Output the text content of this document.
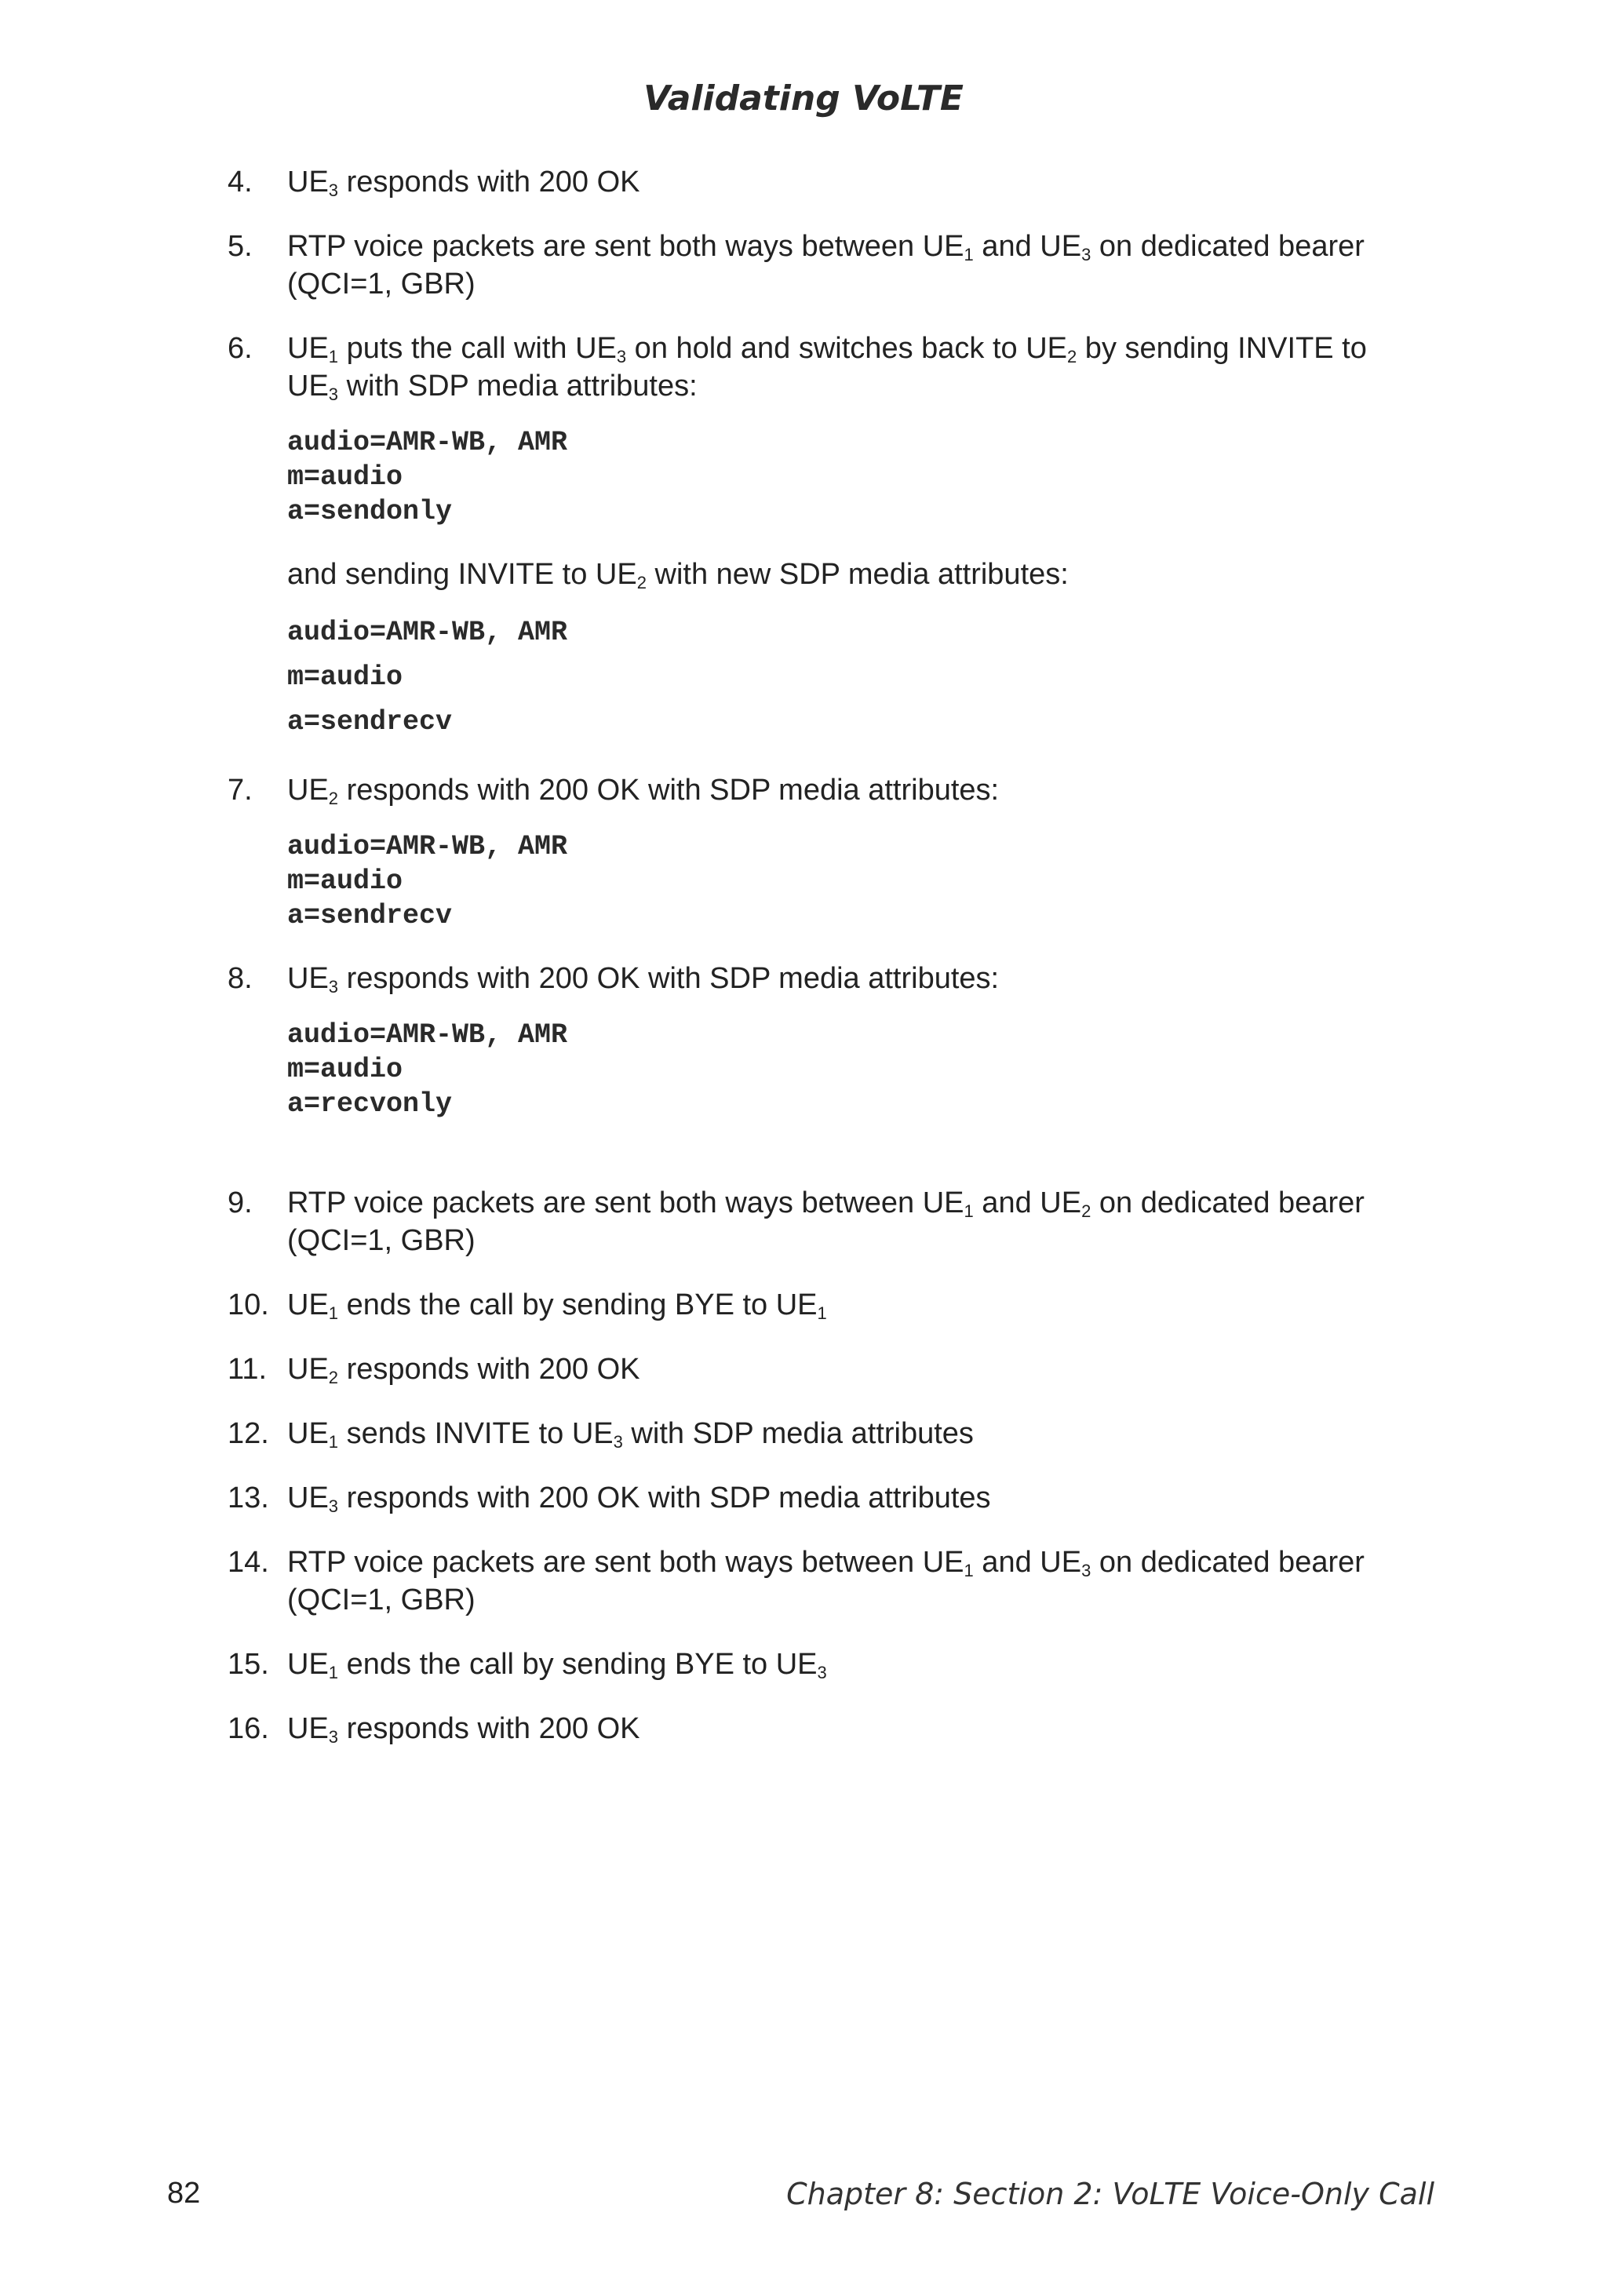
Validating VoLTE
4. $UE_3$ responds with 200 OK
5. RTP voice packets are sent both ways between $UE_1$ and $UE_3$ on dedicated bearer (QCI=1, GBR)
6. $UE_1$ puts the call with $UE_3$ on hold and switches back to $UE_2$ by sending INVITE to $UE_3$ with SDP media attributes:
audio=AMR-WB, AMR
m=audio
a=sendonly
and sending INVITE to $UE_2$ with new SDP media attributes:
audio=AMR-WB, AMR
m=audio
a=sendrecv
7. $UE_2$ responds with 200 OK with SDP media attributes:
audio=AMR-WB, AMR
m=audio
a=sendrecv
8. $UE_3$ responds with 200 OK with SDP media attributes:
audio=AMR-WB, AMR
m=audio
a=recvonly
9. RTP voice packets are sent both ways between $UE_1$ and $UE_2$ on dedicated bearer (QCI=1, GBR)
10. $UE_1$ ends the call by sending BYE to $UE_1$
11. $UE_2$ responds with 200 OK
12. $UE_1$ sends INVITE to $UE_3$ with SDP media attributes
13. $UE_3$ responds with 200 OK with SDP media attributes
14. RTP voice packets are sent both ways between $UE_1$ and $UE_3$ on dedicated bearer (QCI=1, GBR)
15. $UE_1$ ends the call by sending BYE to $UE_3$
16. $UE_3$ responds with 200 OK
82	Chapter 8: Section 2: VoLTE Voice-Only Call
